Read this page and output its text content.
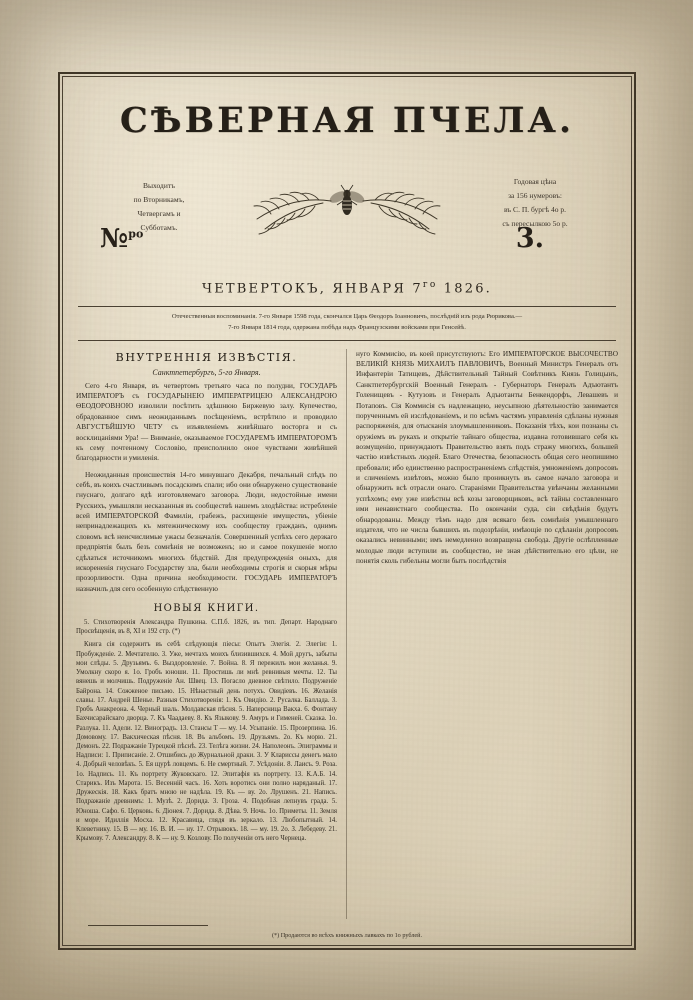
СѢВЕРНАЯ ПЧЕЛА.
Выходитъ
по Вторникамъ,
Четвергамъ и
Субботамъ.
Годовая цѣна
за 156 нумеровъ:
въ С. П. бургѣ 4о р.
съ пересылкою 5о р.
№$^{ро}$	3.
ЧЕТВЕРТОКЪ, ЯНВАРЯ $7^{го}$ 1826.
Отечественныя воспоминанія. 7-го Января 1598 года, скончался Царь Ѳеодоръ Іоанновичъ, послѣдній изъ рода Рюрикова.—
7-го Января 1814 года, одержана побѣда надъ Французскими войсками при Генсейѣ.
ВНУТРЕННІЯ ИЗВѢСТІЯ.
Санктпетербургъ, 5-го Января.

Сего 4-го Января, въ четвертомъ третьяго часа по полудни, ГОСУДАРЬ ИМПЕРАТОРЪ съ ГОСУДАРЫНЕЮ ИМПЕРАТРИЦЕЮ АЛЕКСАНДРОЮ ѲЕОДОРОВНОЮ изволили посѣтить здѣшнюю Биржевую залу. Купечество, обрадованное симъ неожиданнымъ посѣщеніемъ, встрѣтило и проводило АВГУСТѢЙШУЮ ЧЕТУ съ изъявленіемъ живѣйшаго восторга и съ восклицаніями Ура! — Вниманіе, оказываемое ГОСУДАРЕМЪ ИМПЕРАТОРОМЪ къ сему почтенному Сословію, преисполнило оное чувствами живѣйшей благодарности и умиленія.

Неожиданныя происшествія 14-го минувшаго Декабря, печальный слѣдъ по себѣ, въ коихъ счастливымъ посадскимъ спали; ибо они обнаружено существованіе гнуснаго, долгаго ядѣ изготовляемаго заговора. Люди, недостойные имени Русскихъ, умышляли несказанныя въ сообществѣ нашемъ злодѣйства: истребленіе всей ИМПЕРАТОРСКОЙ Фамиліи, грабежъ, расхищеніе имуществъ, убіеніе непринадлежащихъ къ мятежническому ихъ сообществу гражданъ, однимъ словомъ всѣ неисчислимые ужасы безначалія. Совершенный успѣхъ сего дерзкаго предпріятія былъ безъ сомнѣнія не возможенъ; но и самое покушеніе могло сдѣлаться источникомъ многихъ бѣдствій. Для предупрежденія оныхъ, для искорененія гнуснаго Государству зла, были необходимы строгія и скорыя мѣры прозорливости. Одна причина необходимости. ГОСУДАРЬ ИМПЕРАТОРЪ назначилъ для сего особенную слѣдственную

НОВЫЯ КНИГИ.

5. Стихотворенія Александра Пушкина. С.П.б. 1826, въ тип. Департ. Народнаго Просвѣщенія, въ 8, XI и 192 стр. (*)

Книга сія содержитъ въ себѣ слѣдующія піесы: Опытъ Элегія. 2. Элегіи: 1. Пробужденіе. 2. Мечтателю. 3. Уже, мечтахъ моихъ близившихся. 4. Мой другъ, забыты мои слѣды. 5. Друзьямъ. 6. Выздоровленіе. 7. Война. 8. Я пережилъ мои желанья. 9. Умолкну скоро я. 1о. Гробъ юноши. 11. Простишь ли мнѣ ревнивыя мечты. 12. Ты вянешь и молчишь. Подруженіе Ан. Швец. 13. Погасло дневное свѣтило. Подруженіе Байрона. 14. Сожженое письмо. 15. Нѣнастный день потухъ. Овидіевъ. 16. Желанія славы. 17. Андрей Шенье. Разныя Стихотворенія: 1. Къ Овидію. 2. Русалка. Баллада. 3. Гробъ Анакреона. 4. Черный шаль. Молдавская пѣсня. 5. Наперсница Вакха. 6. Фонтану Бахчисарайскаго дворца. 7. Къ Чаадаеву. 8. Къ Языкову. 9. Амуръ и Гименей. Сказка. 1о. Разлука. 11. Адели. 12. Виноградъ. 13. Стансы Т — му. 14. Усыпаніе. 15. Прозерпина. 16. Домовому. 17. Вакхическая пѣсня. 18. Въ альбомъ. 19. Друзьямъ. 2о. Къ морю. 21. Демонъ. 22. Подражаніе Турецкой пѣснѣ. 23. Телѣга жизни. 24. Наполеонъ. Эпиграммы и Надписи: 1. Приписаніе. 2. Отшибись до Журнальной драки. 3. У Клариссы денегъ мало 4. Добрый человѣкъ. 5. Ея щурѣ ловцемъ. 6. Не смертный. 7. Усѣдоніи. 8. Лаисъ. 9. Роза. 1о. Надпись. 11. Къ портрету Жуковскаго. 12. Эпитафія къ портрету. 13. К.А.Б. 14. Старикъ. Изъ Марота. 15. Весенній часъ. 16. Хоть воротись они полно наряданый. 17. Дружескія. 18. Какъ братъ мною не надѣла. 19. Къ — ву. 2о. Лрушенъ. 21. Напись. Подражаніе древнимъ: 1. Музѣ. 2. Дорида. 3. Гроза. 4. Подобная лепнувъ града. 5. Юноша. Сафо. 6. Церковь. 6. Діонея. 7. Дорида. 8. Дѣва. 9. Ночь. 1о. Приметы. 11. Земля и море. Идиллія Мосха. 12. Красавица, глядя въ зеркало. 13. Любопытный. 14. Клеветнику. 15. В — му. 16. В. И. — ну. 17. Отрывокъ. 18. — му. 19. 2о. З. Лебедеву. 21. Крымову. 7. Александру. 8. К — ну. 9. Козлову. По полученіи отъ него Чернеца.

нуго Коммисію, въ коей присутствуютъ: Его ИМПЕРАТОРСКОЕ ВЫСОЧЕСТВО ВЕЛИКІЙ КНЯЗЬ МИХАИЛЪ ПАВЛОВИЧЪ, Военный Министръ Генералъ отъ Инфантеріи Татищевъ, Дѣйствительный Тайный Совѣтникъ Князь Голицынъ, Санктпетербургскій Военный Генералъ - Губернаторъ Генералъ Адъютантъ Голенищевъ - Кутузовъ и Генералъ Адъютанты Бенкендорфъ, Левашевъ и Потаповъ. Сія Коммисія съ надлежащею, неусыпною дѣятельностію занимается порученнымъ ей изслѣдованіемъ, и по всѣмъ частямъ управленія сдѣланы нужныя распоряженія, для отысканія злоумышленниковъ. Показанія тѣхъ, кои познаны съ оружіемъ въ рукахъ и открытіе тайнаго общества, издавна готовившаго себя къ возмущенію, принуждаютъ Правительство взять подъ стражу многихъ, большей частію извѣстныхъ людей. Благо Отечества, безопасность общая сего неопишимо пребовали; ибо единственно распространеніемъ слѣдствія, умноженіемъ допросовъ и сличеніемъ извѣтовъ, можно было проникнуть въ самое начало заговора и обнаружить всѣ отрасли онаго. Стараніями Правительства увѣнчаны желанными успѣхомъ; ему уже извѣстны всѣ козы заговорщиковъ, всѣ тайны составленнаго ими ненавистнаго сообщества. По окончаніи суда, сіи свѣдѣнія будутъ обнародованы. Между тѣмъ надо для всякаго безъ сомнѣнія умышленнаго издателя, что не числа бывшихъ въ подозрѣніи, имѣющіе по сдѣланіи допросовъ оказались невинными; имъ немедленно возвращена свобода. Другіе ослѣпленные молодые люди вступили въ сообщество, не зная дѣйствительно его цѣли, не понятія сколь гибельны могли быть послѣдствія

(*) Продаются во всѣхъ книжныхъ лавкахъ по 1о рублей.
